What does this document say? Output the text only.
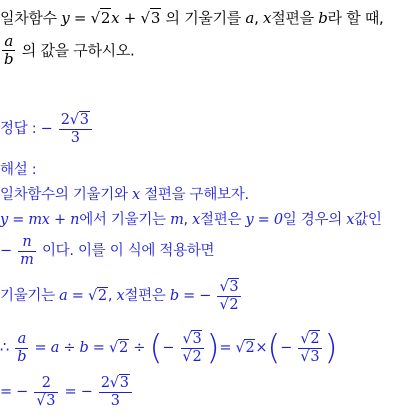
일차함수 y = √2x + √3 의 기울기를 a, x절편을 b라 할 때,
$\frac{a}{b}$ 의 값을 구하시오.
정답 : − $\frac{2√3}{3}$
해설 :
일차함수의 기울기와 x 절편을 구해보자.
y = mx + n에서 기울기는 m, x절편은 y = 0일 경우의 x값인
− $\frac{n}{m}$ 이다. 이를 이 식에 적용하면
기울기는 a = √2, x절편은 b = − $\frac{√3}{√2}$
∴ $\frac{a}{b} = a \div b = √2$ ÷ (− $\frac{√3}{√2}$ )= $√2\times(- \frac{√2}{√3}$ )
= − $\frac{2}{√3}$ = − $\frac{2√3}{3}$
